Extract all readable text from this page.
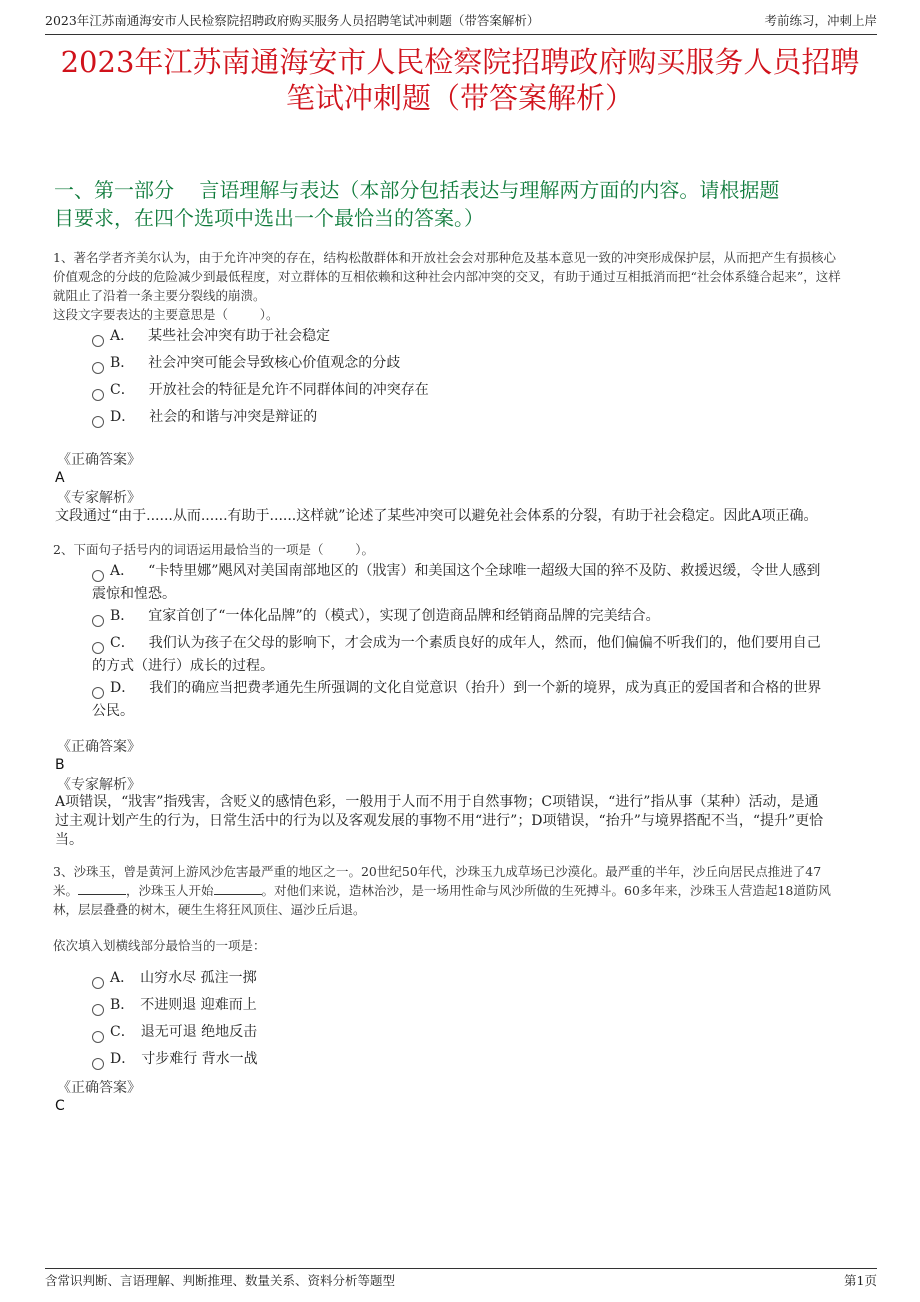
2023年江苏南通海安市人民检察院招聘政府购买服务人员招聘笔试冲刺题（带答案解析）	考前练习，冲刺上岸
2023年江苏南通海安市人民检察院招聘政府购买服务人员招聘
笔试冲刺题（带答案解析）
一、第一部分    言语理解与表达（本部分包括表达与理解两方面的内容。请根据题
目要求，在四个选项中选出一个最恰当的答案。）
1、著名学者齐美尔认为，由于允许冲突的存在，结构松散群体和开放社会会对那种危及基本意见一致的冲突形成保护层，从而把产生有损核心
价值观念的分歧的危险减少到最低程度，对立群体的互相依赖和这种社会内部冲突的交叉，有助于通过互相抵消而把“社会体系缝合起来”，这样
就阻止了沿着一条主要分裂线的崩溃。
这段文字要表达的主要意思是（        ）。
A． 某些社会冲突有助于社会稳定
B． 社会冲突可能会导致核心价值观念的分歧
C． 开放社会的特征是允许不同群体间的冲突存在
D． 社会的和谐与冲突是辩证的
《正确答案》
A
《专家解析》
文段通过“由于......从而......有助于......这样就”论述了某些冲突可以避免社会体系的分裂，有助于社会稳定。因此A项正确。
2、下面句子括号内的词语运用最恰当的一项是（        ）。
A． “卡特里娜”飓风对美国南部地区的（戕害）和美国这个全球唯一超级大国的猝不及防、救援迟缓，令世人感到
震惊和惶恐。
B． 宜家首创了“一体化品牌”的（模式），实现了创造商品牌和经销商品牌的完美结合。
C． 我们认为孩子在父母的影响下，才会成为一个素质良好的成年人，然而，他们偏偏不听我们的，他们要用自己
的方式（进行）成长的过程。
D． 我们的确应当把费孝通先生所强调的文化自觉意识（抬升）到一个新的境界，成为真正的爱国者和合格的世界
公民。
《正确答案》
B
《专家解析》
A项错误，“戕害”指残害，含贬义的感情色彩，一般用于人而不用于自然事物；C项错误，“进行”指从事（某种）活动，是通
过主观计划产生的行为，日常生活中的行为以及客观发展的事物不用“进行”；D项错误，“抬升”与境界搭配不当，“提升”更恰
当。
3、沙珠玉，曾是黄河上游风沙危害最严重的地区之一。20世纪50年代，沙珠玉九成草场已沙漠化。最严重的半年，沙丘向居民点推进了47
米。	，沙珠玉人开始	。对他们来说，造林治沙，是一场用性命与风沙所做的生死搏斗。60多年来，沙珠玉人营造起18道防风
林，层层叠叠的树木，硬生生将狂风顶住、逼沙丘后退。
依次填入划横线部分最恰当的一项是：
A． 山穷水尽 孤注一掷
B． 不进则退 迎难而上
C． 退无可退 绝地反击
D． 寸步难行 背水一战
《正确答案》
C
含常识判断、言语理解、判断推理、数量关系、资料分析等题型	第1页
